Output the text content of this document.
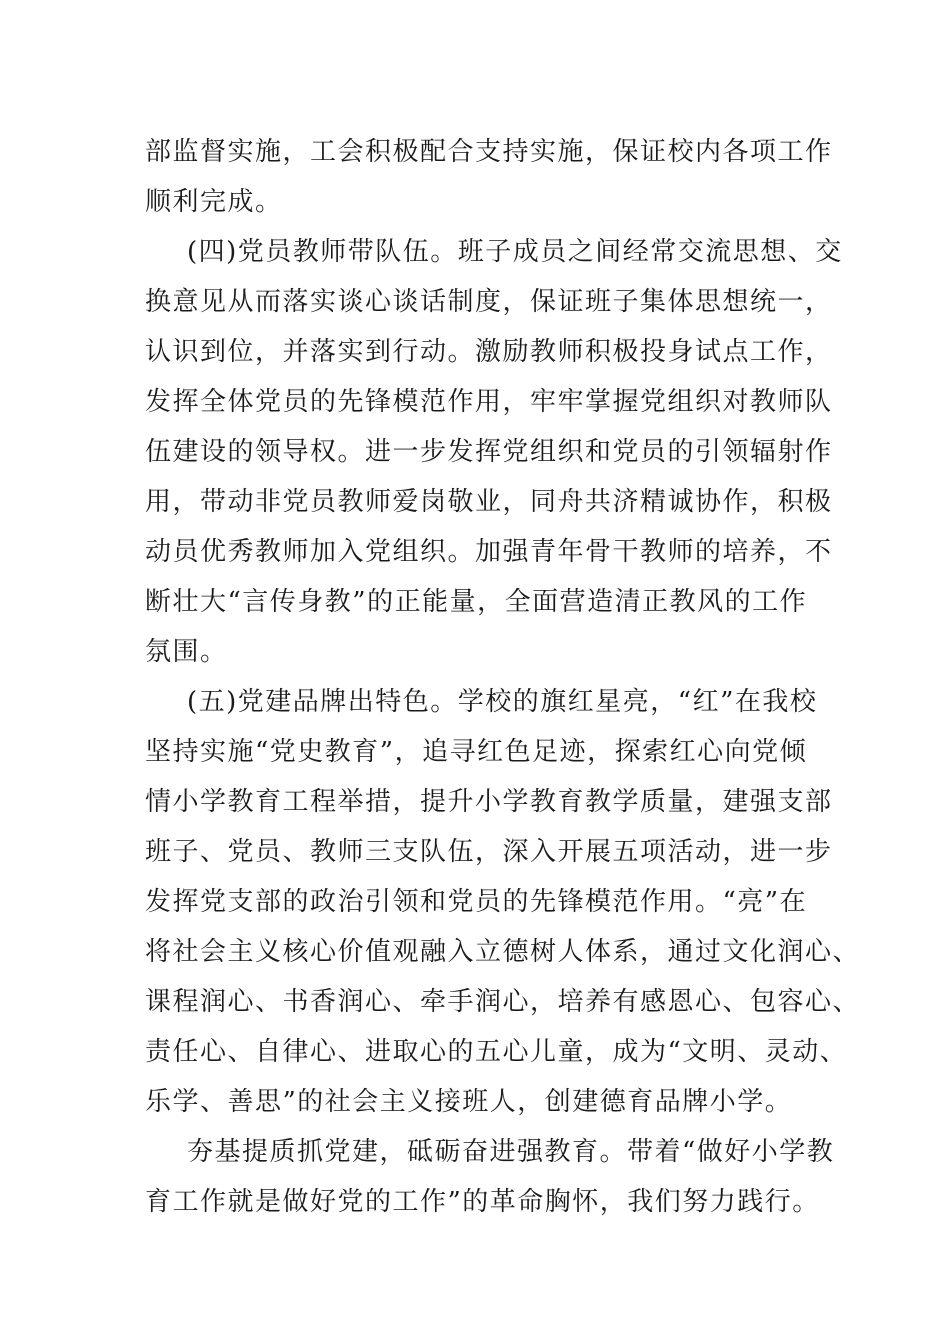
部监督实施，工会积极配合支持实施，保证校内各项工作
顺利完成。
(四)党员教师带队伍。班子成员之间经常交流思想、交
换意见从而落实谈心谈话制度，保证班子集体思想统一，
认识到位，并落实到行动。激励教师积极投身试点工作，
发挥全体党员的先锋模范作用，牢牢掌握党组织对教师队
伍建设的领导权。进一步发挥党组织和党员的引领辐射作
用，带动非党员教师爱岗敬业，同舟共济精诚协作，积极
动员优秀教师加入党组织。加强青年骨干教师的培养，不
断壮大“言传身教”的正能量，全面营造清正教风的工作
氛围。
(五)党建品牌出特色。学校的旗红星亮，“红”在我校
坚持实施“党史教育”，追寻红色足迹，探索红心向党倾
情小学教育工程举措，提升小学教育教学质量，建强支部
班子、党员、教师三支队伍，深入开展五项活动，进一步
发挥党支部的政治引领和党员的先锋模范作用。“亮”在
将社会主义核心价值观融入立德树人体系，通过文化润心、
课程润心、书香润心、牵手润心，培养有感恩心、包容心、
责任心、自律心、进取心的五心儿童，成为“文明、灵动、
乐学、善思”的社会主义接班人，创建德育品牌小学。
夯基提质抓党建，砥砺奋进强教育。带着“做好小学教
育工作就是做好党的工作”的革命胸怀，我们努力践行。
